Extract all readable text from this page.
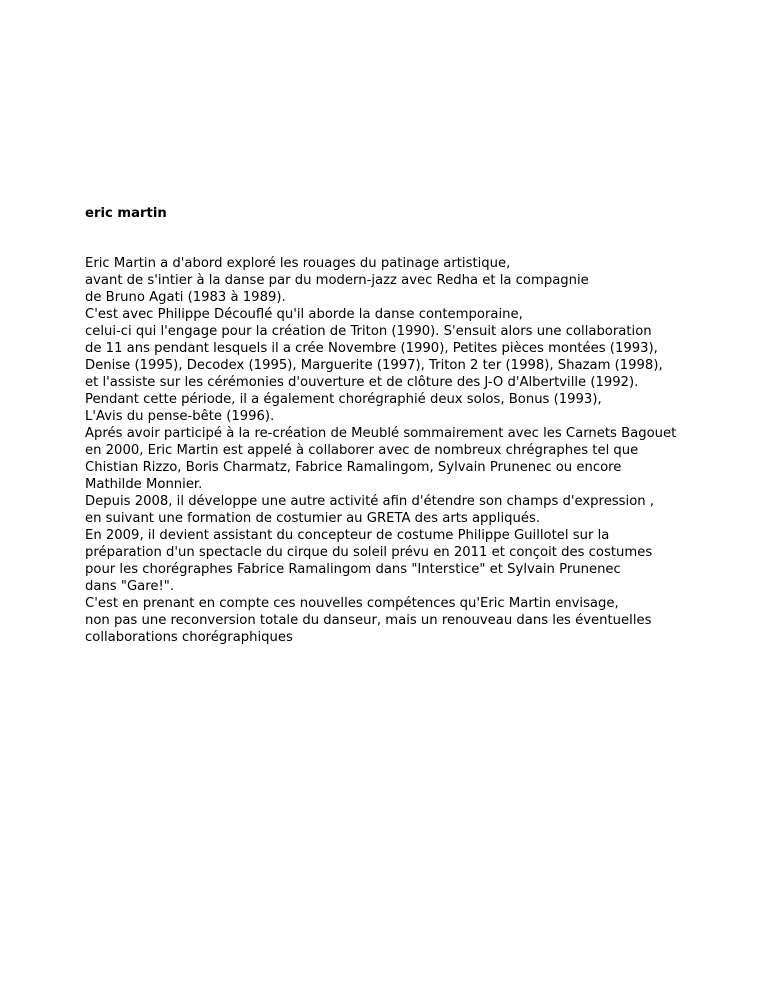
eric martin
Eric Martin a d'abord exploré les rouages du patinage artistique,
avant de s'intier à la danse par du modern-jazz avec Redha et la compagnie
de Bruno Agati (1983 à 1989).
C'est avec Philippe Découflé qu'il aborde la danse contemporaine,
celui-ci qui l'engage pour la création de Triton (1990). S'ensuit alors une collaboration
de 11 ans pendant lesquels il a crée Novembre (1990), Petites pièces montées (1993),
Denise (1995), Decodex (1995), Marguerite (1997), Triton 2 ter (1998), Shazam (1998),
et l'assiste sur les cérémonies d'ouverture et de clôture des J-O d'Albertville (1992).
Pendant cette période, il a également chorégraphié deux solos, Bonus (1993),
L'Avis du pense-bête (1996).
Aprés avoir participé à la re-création de Meublé sommairement avec les Carnets Bagouet
en 2000, Eric Martin est appelé à collaborer avec de nombreux chrégraphes tel que
Chistian Rizzo, Boris Charmatz, Fabrice Ramalingom, Sylvain Prunenec ou encore
Mathilde Monnier.
Depuis 2008, il développe une autre activité afin d'étendre son champs d'expression ,
en suivant une formation de costumier au GRETA des arts appliqués.
En 2009, il devient assistant du concepteur de costume Philippe Guillotel sur la
préparation d'un spectacle du cirque du soleil prévu en 2011 et conçoit des costumes
pour les chorégraphes Fabrice Ramalingom dans "Interstice" et Sylvain Prunenec
dans "Gare!".
C'est en prenant en compte ces nouvelles compétences qu'Eric Martin envisage,
non pas une reconversion totale du danseur, mais un renouveau dans les éventuelles
collaborations chorégraphiques
